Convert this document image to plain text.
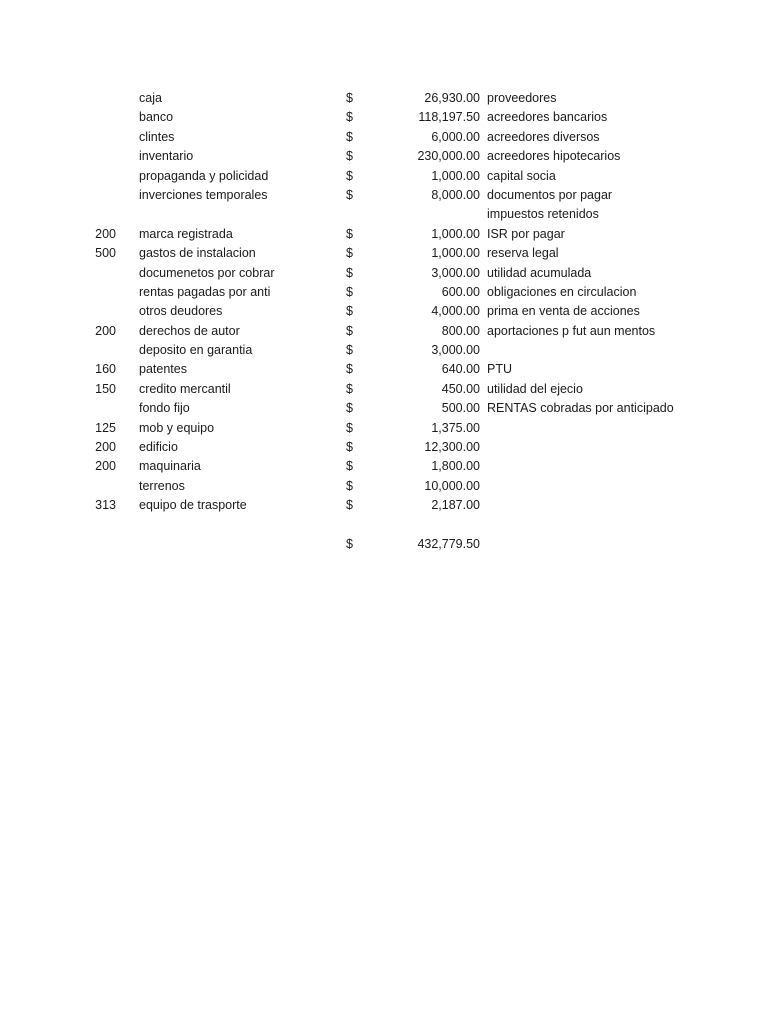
caja	$	26,930.00 proveedores
banco	$	118,197.50 acreedores bancarios
clintes	$	6,000.00 acreedores diversos
inventario	$	230,000.00 acreedores hipotecarios
propaganda y policidad	$	1,000.00 capital socia
inverciones temporales	$	8,000.00 documentos por pagar
impuestos retenidos
200 marca registrada	$	1,000.00 ISR por pagar
500 gastos de instalacion	$	1,000.00 reserva legal
documenetos por cobrar	$	3,000.00 utilidad acumulada
rentas pagadas por anti	$	600.00 obligaciones en circulacion
otros deudores	$	4,000.00 prima en venta de acciones
200 derechos de autor	$	800.00 aportaciones p fut aun mentos
deposito en garantia	$	3,000.00
160 patentes	$	640.00 PTU
150 credito mercantil	$	450.00 utilidad del ejecio
fondo fijo	$	500.00 RENTAS cobradas por anticipado
125 mob y equipo	$	1,375.00
200 edificio	$	12,300.00
200 maquinaria	$	1,800.00
terrenos	$	10,000.00
313 equipo de trasporte	$	2,187.00
$	432,779.50
